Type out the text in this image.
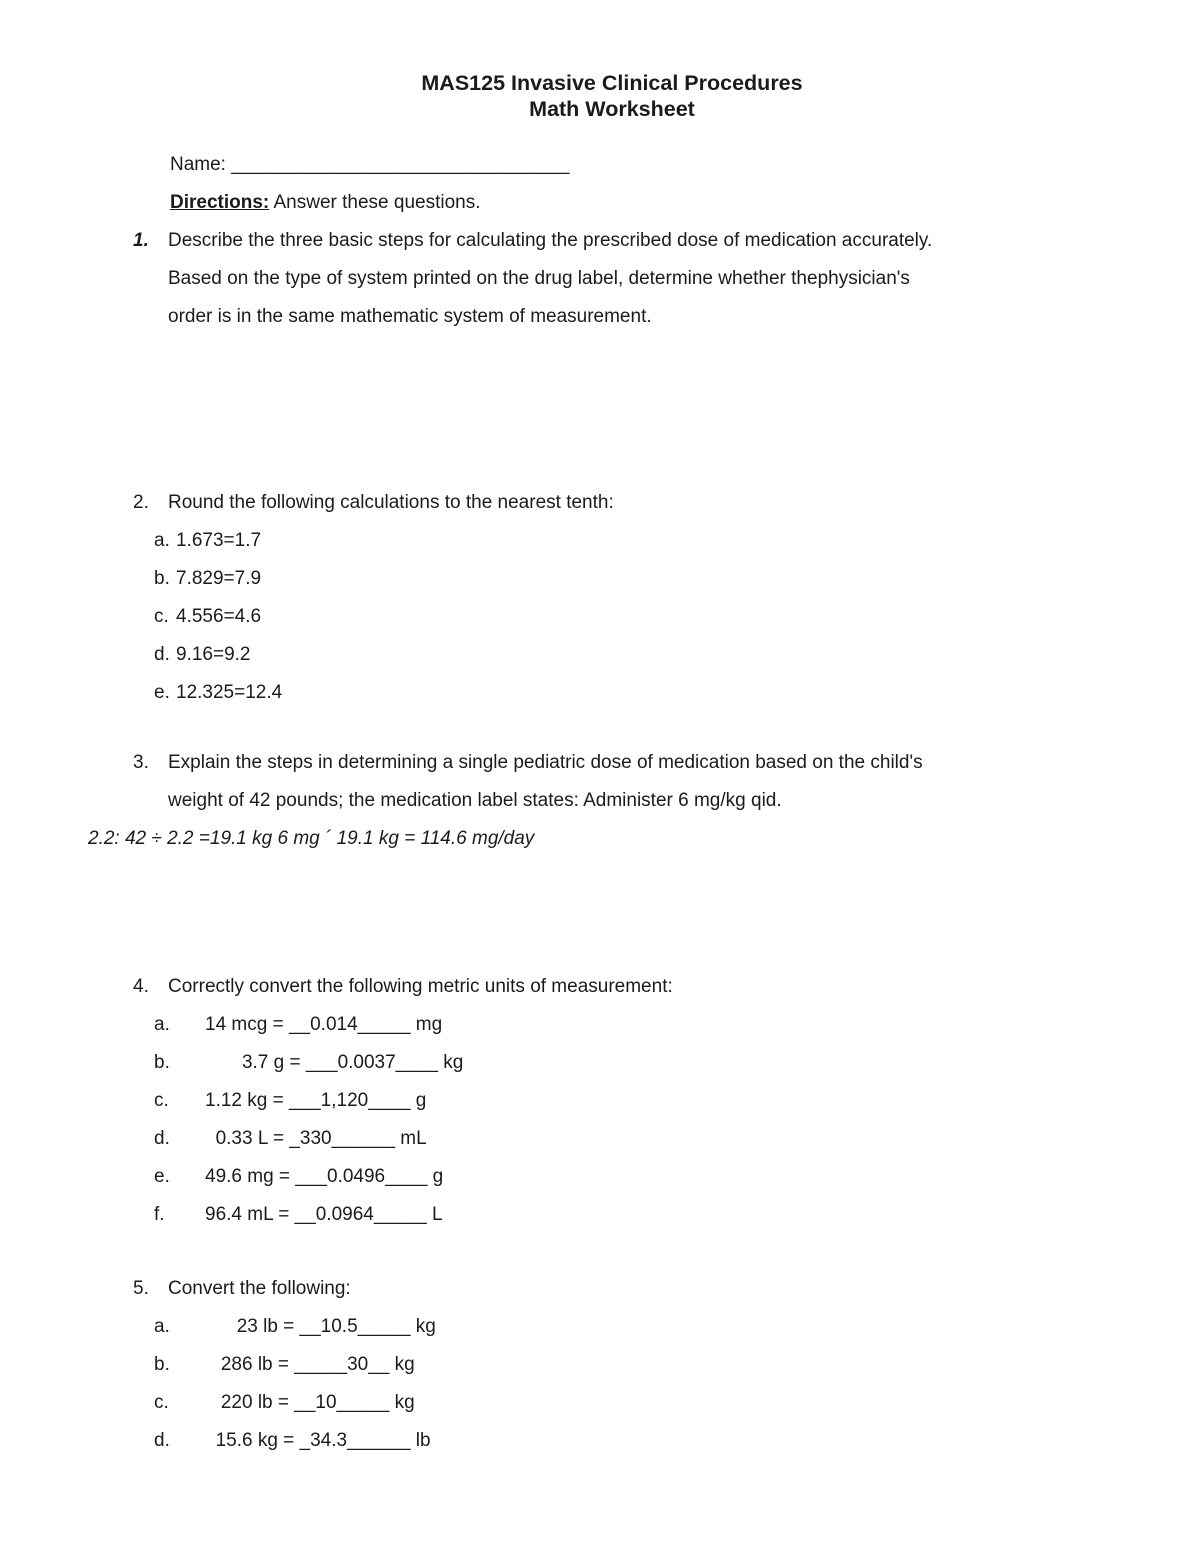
MAS125 Invasive Clinical Procedures
Math Worksheet
Name: ________________________________
Directions: Answer these questions.
1.	Describe the three basic steps for calculating the prescribed dose of medication accurately.
Based on the type of system printed on the drug label, determine whether thephysician's
order is in the same mathematic system of measurement.
2.	Round the following calculations to the nearest tenth:
a. 1.673=1.7
b. 7.829=7.9
c. 4.556=4.6
d. 9.16=9.2
e. 12.325=12.4
3.	Explain the steps in determining a single pediatric dose of medication based on the child's
weight of 42 pounds; the medication label states: Administer 6 mg/kg qid.
2.2: 42 ÷ 2.2 =19.1 kg 6 mg ´ 19.1 kg = 114.6 mg/day
4.	Correctly convert the following metric units of measurement:
a.	14 mcg = __0.014_____ mg
b.	3.7 g = ___0.0037____ kg
c.	1.12 kg = ___1,120____ g
d.	0.33 L = _330______ mL
e.	49.6 mg = ___0.0496____ g
f.	96.4 mL = __0.0964_____ L
5.	Convert the following:
a.	23 lb = __10.5_____ kg
b.	286 lb = _____30__ kg
c.	220 lb = __10_____ kg
d.	15.6 kg = _34.3______ lb
